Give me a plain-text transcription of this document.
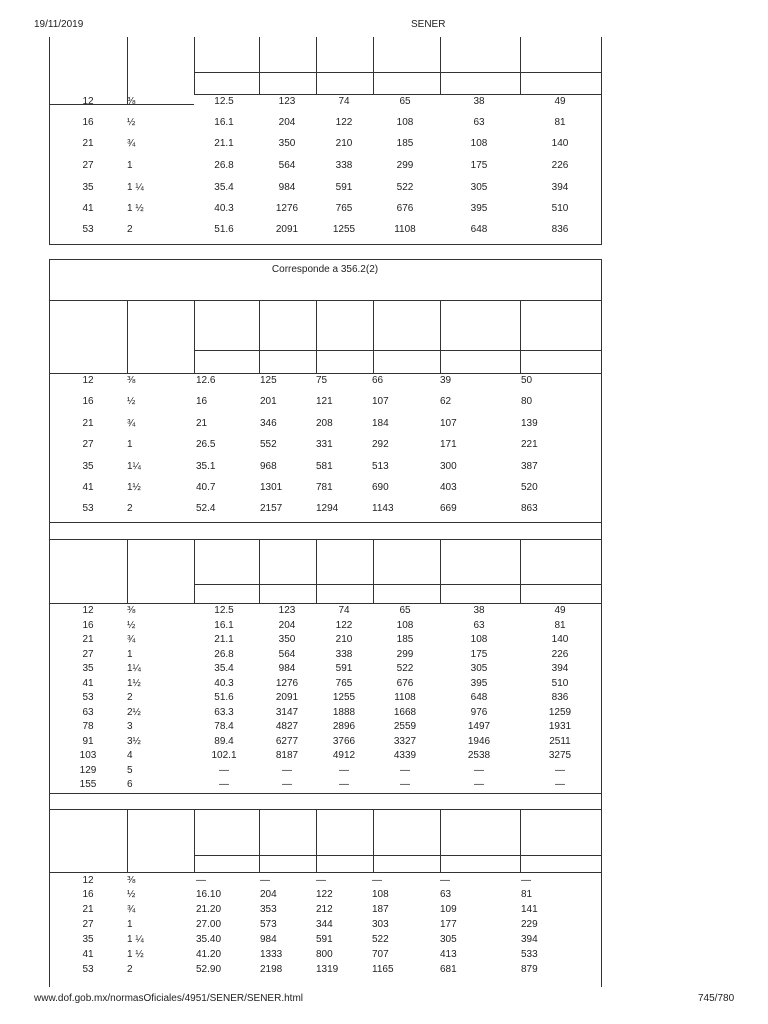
19/11/2019	SENER
Corresponde a 356.2(2)
12	⅜	12.5	123	74	65	38	49
16	½	16.1	204	122	108	63	81
21	¾	21.1	350	210	185	108	140
27	1	26.8	564	338	299	175	226
35	1 ¼	35.4	984	591	522	305	394
41	1 ½	40.3	1276	765	676	395	510
53	2	51.6	2091	1255	1108	648	836
12	⅜	12.6	125	75	66	39	50
16	½	16	201	121	107	62	80
21	¾	21	346	208	184	107	139
27	1	26.5	552	331	292	171	221
35	1¼	35.1	968	581	513	300	387
41	1½	40.7	1301	781	690	403	520
53	2	52.4	2157	1294	1143	669	863
12	⅜	12.5	123	74	65	38	49
16	½	16.1	204	122	108	63	81
21	¾	21.1	350	210	185	108	140
27	1	26.8	564	338	299	175	226
35	1¼	35.4	984	591	522	305	394
41	1½	40.3	1276	765	676	395	510
53	2	51.6	2091	1255	1108	648	836
63	2½	63.3	3147	1888	1668	976	1259
78	3	78.4	4827	2896	2559	1497	1931
91	3½	89.4	6277	3766	3327	1946	2511
103	4	102.1	8187	4912	4339	2538	3275
129	5	—	—	—	—	—	—
155	6	—	—	—	—	—	—
12	⅜	—	—	—	—	—	—
16	½	16.10	204	122	108	63	81
21	¾	21.20	353	212	187	109	141
27	1	27.00	573	344	303	177	229
35	1 ¼	35.40	984	591	522	305	394
41	1 ½	41.20	1333	800	707	413	533
53	2	52.90	2198	1319	1165	681	879
www.dof.gob.mx/normasOficiales/4951/SENER/SENER.html	745/780
